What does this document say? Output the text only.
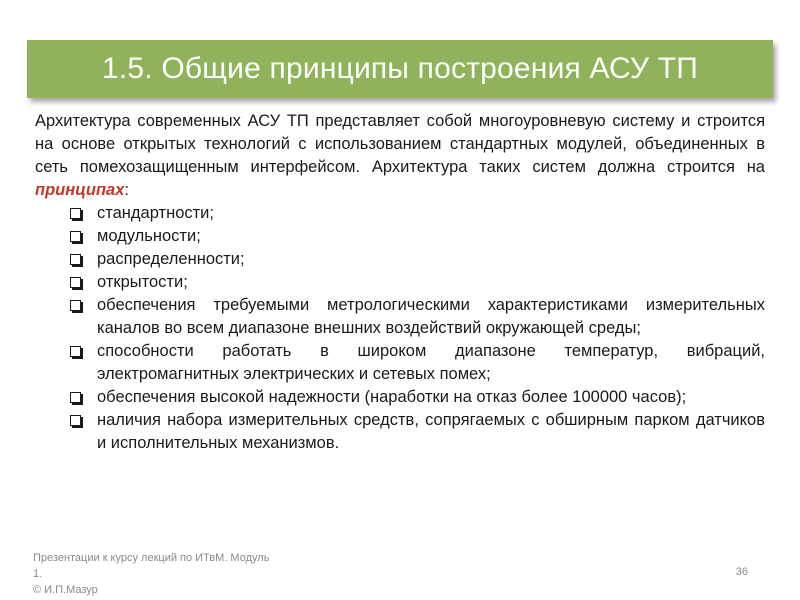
1.5. Общие принципы построения АСУ ТП

Архитектура современных АСУ ТП представляет собой многоуровневую систему и строится на основе открытых технологий с использованием стандартных модулей, объединенных в сеть помехозащищенным интерфейсом. Архитектура таких систем должна строится на принципах:

стандартности;
модульности;
распределенности;
открытости;
обеспечения требуемыми метрологическими характеристиками измерительных каналов во всем диапазоне внешних воздействий окружающей среды;
способности работать в широком диапазоне температур, вибраций, электромагнитных электрических и сетевых помех;
обеспечения высокой надежности (наработки на отказ более 100000 часов);
наличия набора измерительных средств, сопрягаемых с обширным парком датчиков и исполнительных механизмов.
Презентации к курсу лекций по ИТвМ. Модуль
1.
© И.П.Мазур
36
